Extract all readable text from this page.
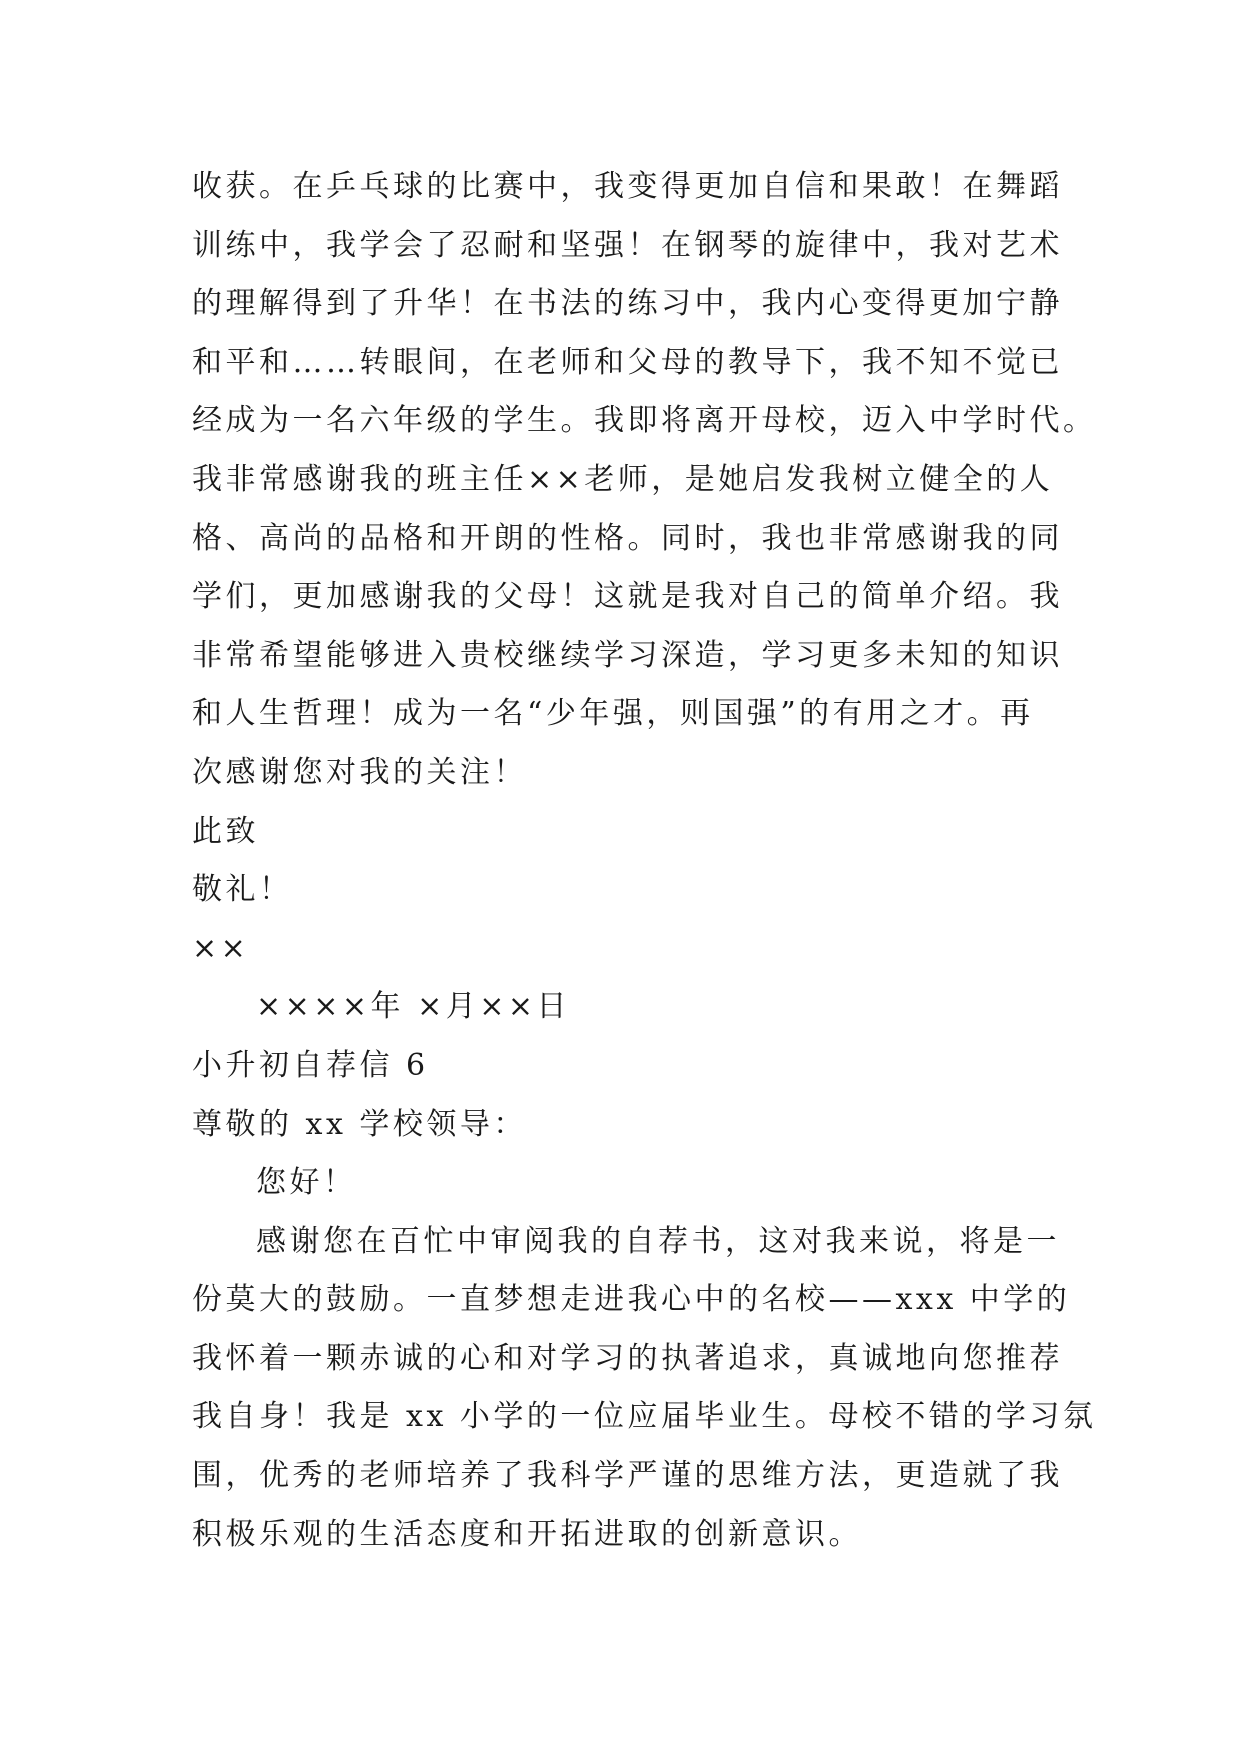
收获。在乒乓球的比赛中，我变得更加自信和果敢！在舞蹈
训练中，我学会了忍耐和坚强！在钢琴的旋律中，我对艺术
的理解得到了升华！在书法的练习中，我内心变得更加宁静
和平和……转眼间，在老师和父母的教导下，我不知不觉已
经成为一名六年级的学生。我即将离开母校，迈入中学时代。
我非常感谢我的班主任××老师，是她启发我树立健全的人
格、高尚的品格和开朗的性格。同时，我也非常感谢我的同
学们，更加感谢我的父母！这就是我对自己的简单介绍。我
非常希望能够进入贵校继续学习深造，学习更多未知的知识
和人生哲理！成为一名“少年强，则国强”的有用之才。再
次感谢您对我的关注！
此致
敬礼！
××
××××年 ×月××日
小升初自荐信 6
尊敬的 xx 学校领导：
您好！
感谢您在百忙中审阅我的自荐书，这对我来说，将是一
份莫大的鼓励。一直梦想走进我心中的名校——xxx 中学的
我怀着一颗赤诚的心和对学习的执著追求，真诚地向您推荐
我自身！我是 xx 小学的一位应届毕业生。母校不错的学习氛
围，优秀的老师培养了我科学严谨的思维方法，更造就了我
积极乐观的生活态度和开拓进取的创新意识。
